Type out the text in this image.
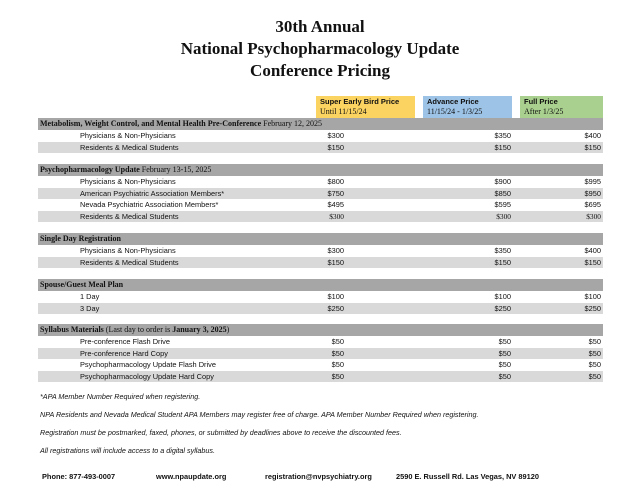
30th Annual
National Psychopharmacology Update
Conference Pricing
Super Early Bird Price
Until 11/15/24
Advance Price
11/15/24 - 1/3/25
Full Price
After 1/3/25
Metabolism, Weight Control, and Mental Health Pre-Conference February 12, 2025
Physicians & Non-Physicians	$300	$350	$400
Residents & Medical Students	$150	$150	$150
Psychopharmacology Update February 13-15, 2025
Physicians & Non-Physicians	$800	$900	$995
American Psychiatric Association Members*	$750	$850	$950
Nevada Psychiatric Association Members*	$495	$595	$695
Residents & Medical Students	$300	$300	$300
Single Day Registration
Physicians & Non-Physicians	$300	$350	$400
Residents & Medical Students	$150	$150	$150
Spouse/Guest Meal Plan
1 Day	$100	$100	$100
3 Day	$250	$250	$250
Syllabus Materials (Last day to order is January 3, 2025)
Pre-conference Flash Drive	$50	$50	$50
Pre-conference Hard Copy	$50	$50	$50
Psychopharmacology Update Flash Drive	$50	$50	$50
Psychopharmacology Update Hard Copy	$50	$50	$50
*APA Member Number Required when registering.
NPA Residents and Nevada Medical Student APA Members may register free of charge. APA Member Number Required when registering.
Registration must be postmarked, faxed, phones, or submitted by deadlines above to receive the discounted fees.
All registrations will include access to a digital syllabus.
Phone: 877-493-0007	www.npaupdate.org	registration@nvpsychiatry.org	2590 E. Russell Rd. Las Vegas, NV 89120
